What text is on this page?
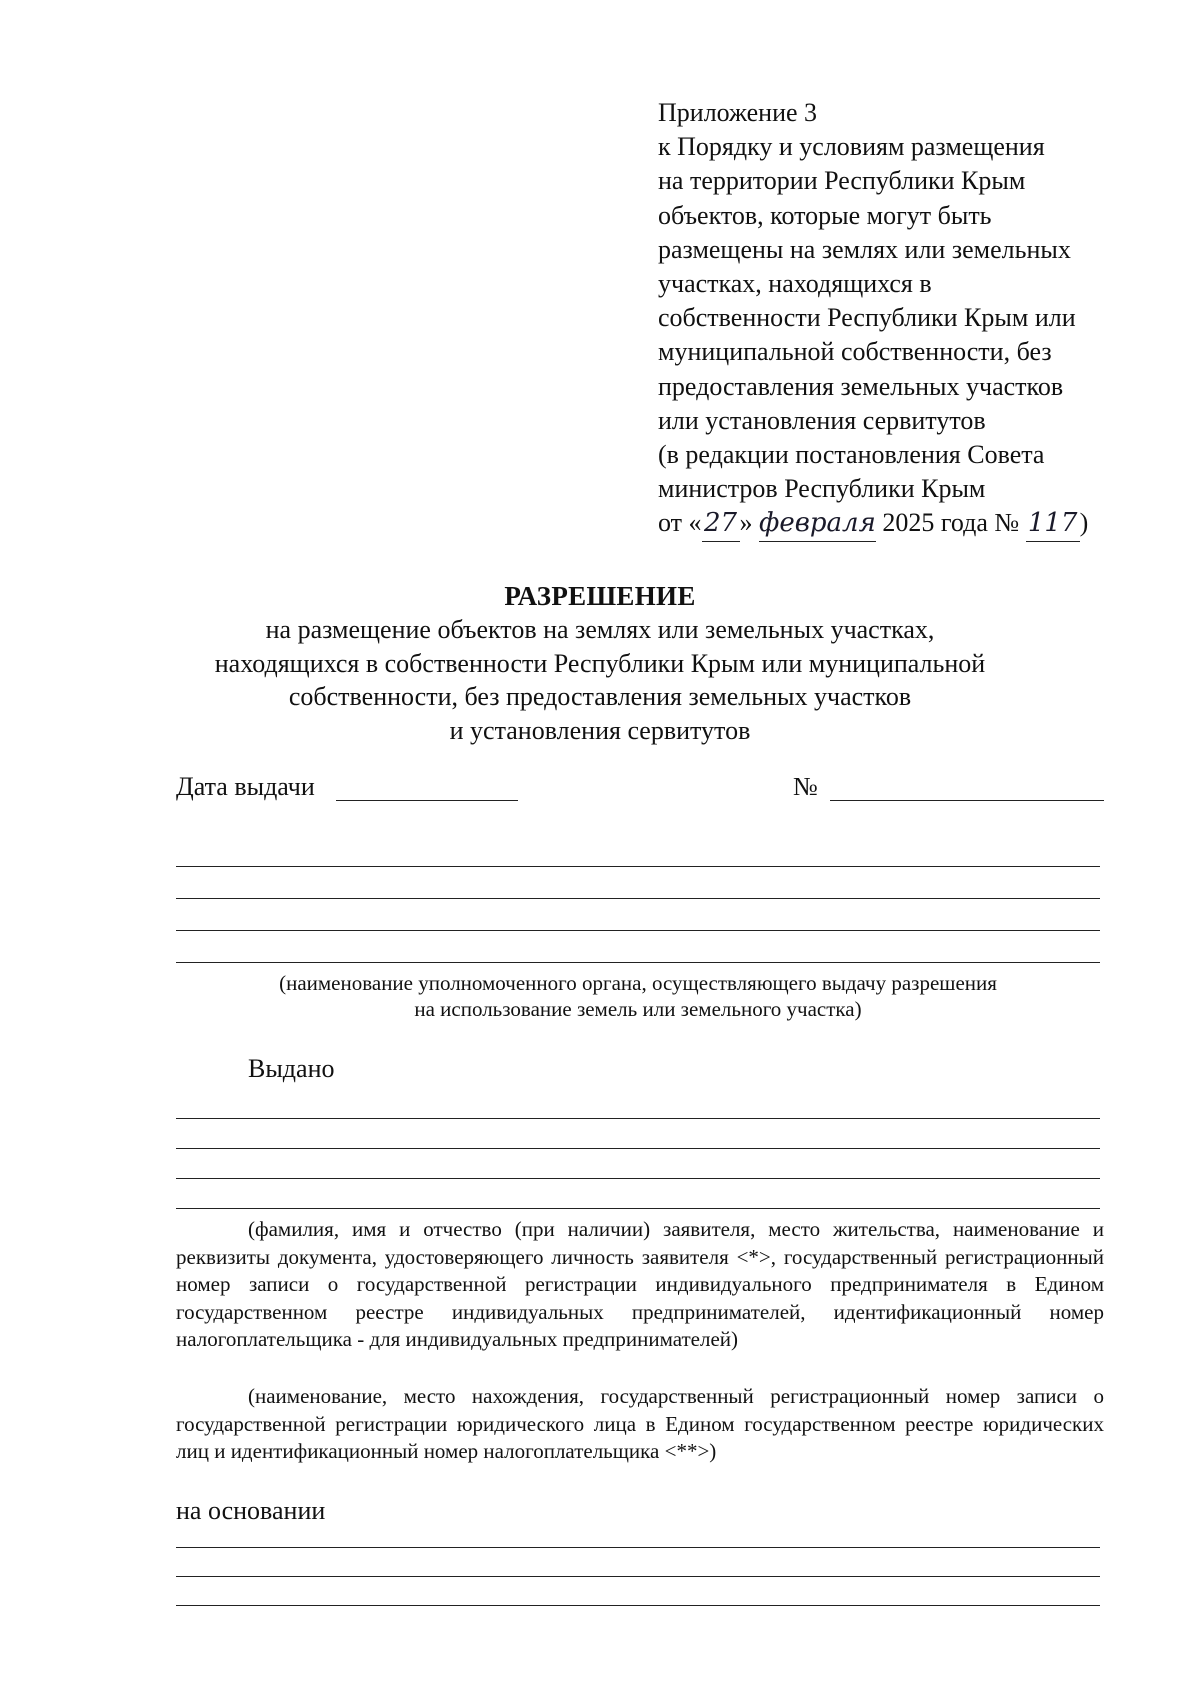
Приложение 3
к Порядку и условиям размещения
на территории Республики Крым
объектов, которые могут быть
размещены на землях или земельных
участках, находящихся в
собственности Республики Крым или
муниципальной собственности, без
предоставления земельных участков
или установления сервитутов
(в редакции постановления Совета
министров Республики Крым
от «27» февраля 2025 года № 117)
РАЗРЕШЕНИЕ
на размещение объектов на землях или земельных участках,
находящихся в собственности Республики Крым или муниципальной
собственности, без предоставления земельных участков
и установления сервитутов
Дата выдачи	№
(наименование уполномоченного органа, осуществляющего выдачу разрешения
на использование земель или земельного участка)
Выдано
(фамилия, имя и отчество (при наличии) заявителя, место жительства, наименование и реквизиты документа, удостоверяющего личность заявителя <*>, государственный регистрационный номер записи о государственной регистрации индивидуального предпринимателя в Едином государственном реестре индивидуальных предпринимателей, идентификационный номер налогоплательщика - для индивидуальных предпринимателей)
(наименование, место нахождения, государственный регистрационный номер записи о государственной регистрации юридического лица в Едином государственном реестре юридических лиц и идентификационный номер налогоплательщика <**>)
на основании
